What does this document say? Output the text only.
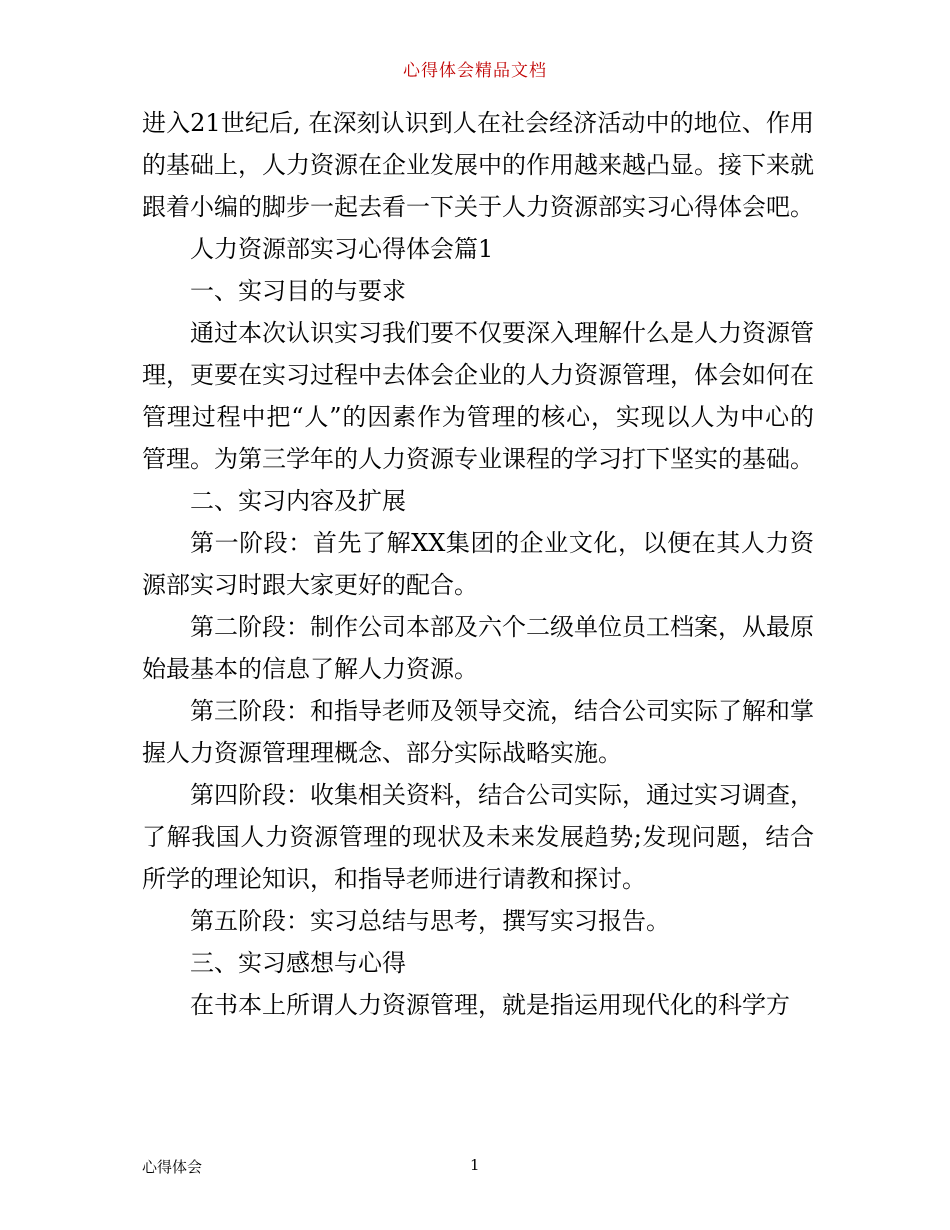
心得体会精品文档

进入21世纪后, 在深刻认识到人在社会经济活动中的地位、作用的基础上，人力资源在企业发展中的作用越来越凸显。接下来就跟着小编的脚步一起去看一下关于人力资源部实习心得体会吧。

人力资源部实习心得体会篇1

一、实习目的与要求

通过本次认识实习我们要不仅要深入理解什么是人力资源管理，更要在实习过程中去体会企业的人力资源管理，体会如何在管理过程中把“人”的因素作为管理的核心，实现以人为中心的管理。为第三学年的人力资源专业课程的学习打下坚实的基础。

二、实习内容及扩展

第一阶段：首先了解XX集团的企业文化，以便在其人力资源部实习时跟大家更好的配合。

第二阶段：制作公司本部及六个二级单位员工档案，从最原始最基本的信息了解人力资源。

第三阶段：和指导老师及领导交流，结合公司实际了解和掌握人力资源管理理概念、部分实际战略实施。

第四阶段：收集相关资料，结合公司实际，通过实习调查，了解我国人力资源管理的现状及未来发展趋势;发现问题，结合所学的理论知识，和指导老师进行请教和探讨。

第五阶段：实习总结与思考，撰写实习报告。

三、实习感想与心得

在书本上所谓人力资源管理，就是指运用现代化的科学方

心得体会	1
